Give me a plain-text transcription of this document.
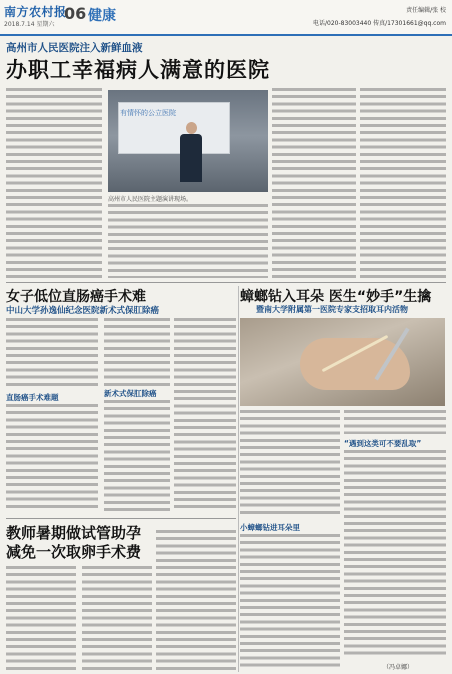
南方农村报
2018.7.14 星期六
06 健康	责任编辑/张 校
电话/020-83003440 传真/17301661@qq.com
高州市人民医院注入新鲜血液
办职工幸福病人满意的医院
有情怀的公立医院
高州市人民医院主题演讲现场。
女子低位直肠癌手术难
中山大学孙逸仙纪念医院新术式保肛除癌
直肠癌手术难题	新术式保肛除癌
蟑螂钻入耳朵 医生“妙手”生擒
暨南大学附属第一医院专家支招取耳内活物
小蟑螂钻进耳朵里
“遇到这类可不要乱取”
教师暑期做试管助孕 减免一次取卵手术费
（冯卓娜）
